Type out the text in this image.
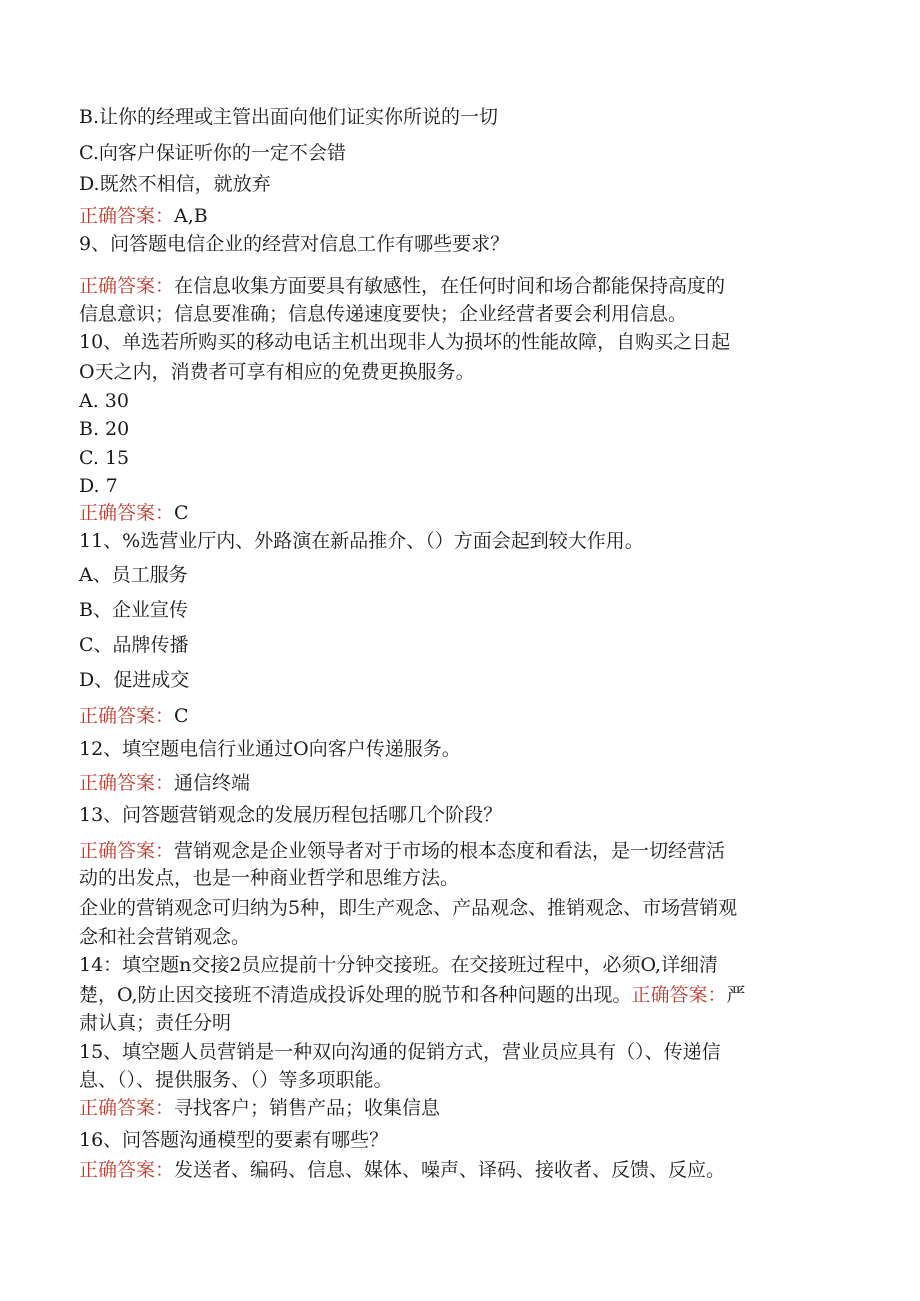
B.让你的经理或主管出面向他们证实你所说的一切
C.向客户保证听你的一定不会错
D.既然不相信，就放弃
正确答案：A,B
9、问答题电信企业的经营对信息工作有哪些要求？
正确答案：在信息收集方面要具有敏感性，在任何时间和场合都能保持高度的
信息意识；信息要准确；信息传递速度要快；企业经营者要会利用信息。
10、单选若所购买的移动电话主机出现非人为损坏的性能故障，自购买之日起
O天之内，消费者可享有相应的免费更换服务。
A. 30
B. 20
C. 15
D. 7
正确答案：C
11、%选营业厅内、外路演在新品推介、（）方面会起到较大作用。
A、员工服务
B、企业宣传
C、品牌传播
D、促进成交
正确答案：C
12、填空题电信行业通过O向客户传递服务。
正确答案：通信终端
13、问答题营销观念的发展历程包括哪几个阶段？
正确答案：营销观念是企业领导者对于市场的根本态度和看法，是一切经营活
动的出发点，也是一种商业哲学和思维方法。
企业的营销观念可归纳为5种，即生产观念、产品观念、推销观念、市场营销观
念和社会营销观念。
14：填空题n交接2员应提前十分钟交接班。在交接班过程中，必须O,详细清
楚，O,防止因交接班不清造成投诉处理的脱节和各种问题的出现。正确答案：严
肃认真；责任分明
15、填空题人员营销是一种双向沟通的促销方式，营业员应具有（）、传递信
息、（）、提供服务、（）等多项职能。
正确答案：寻找客户；销售产品；收集信息
16、问答题沟通模型的要素有哪些？
正确答案：发送者、编码、信息、媒体、噪声、译码、接收者、反馈、反应。
